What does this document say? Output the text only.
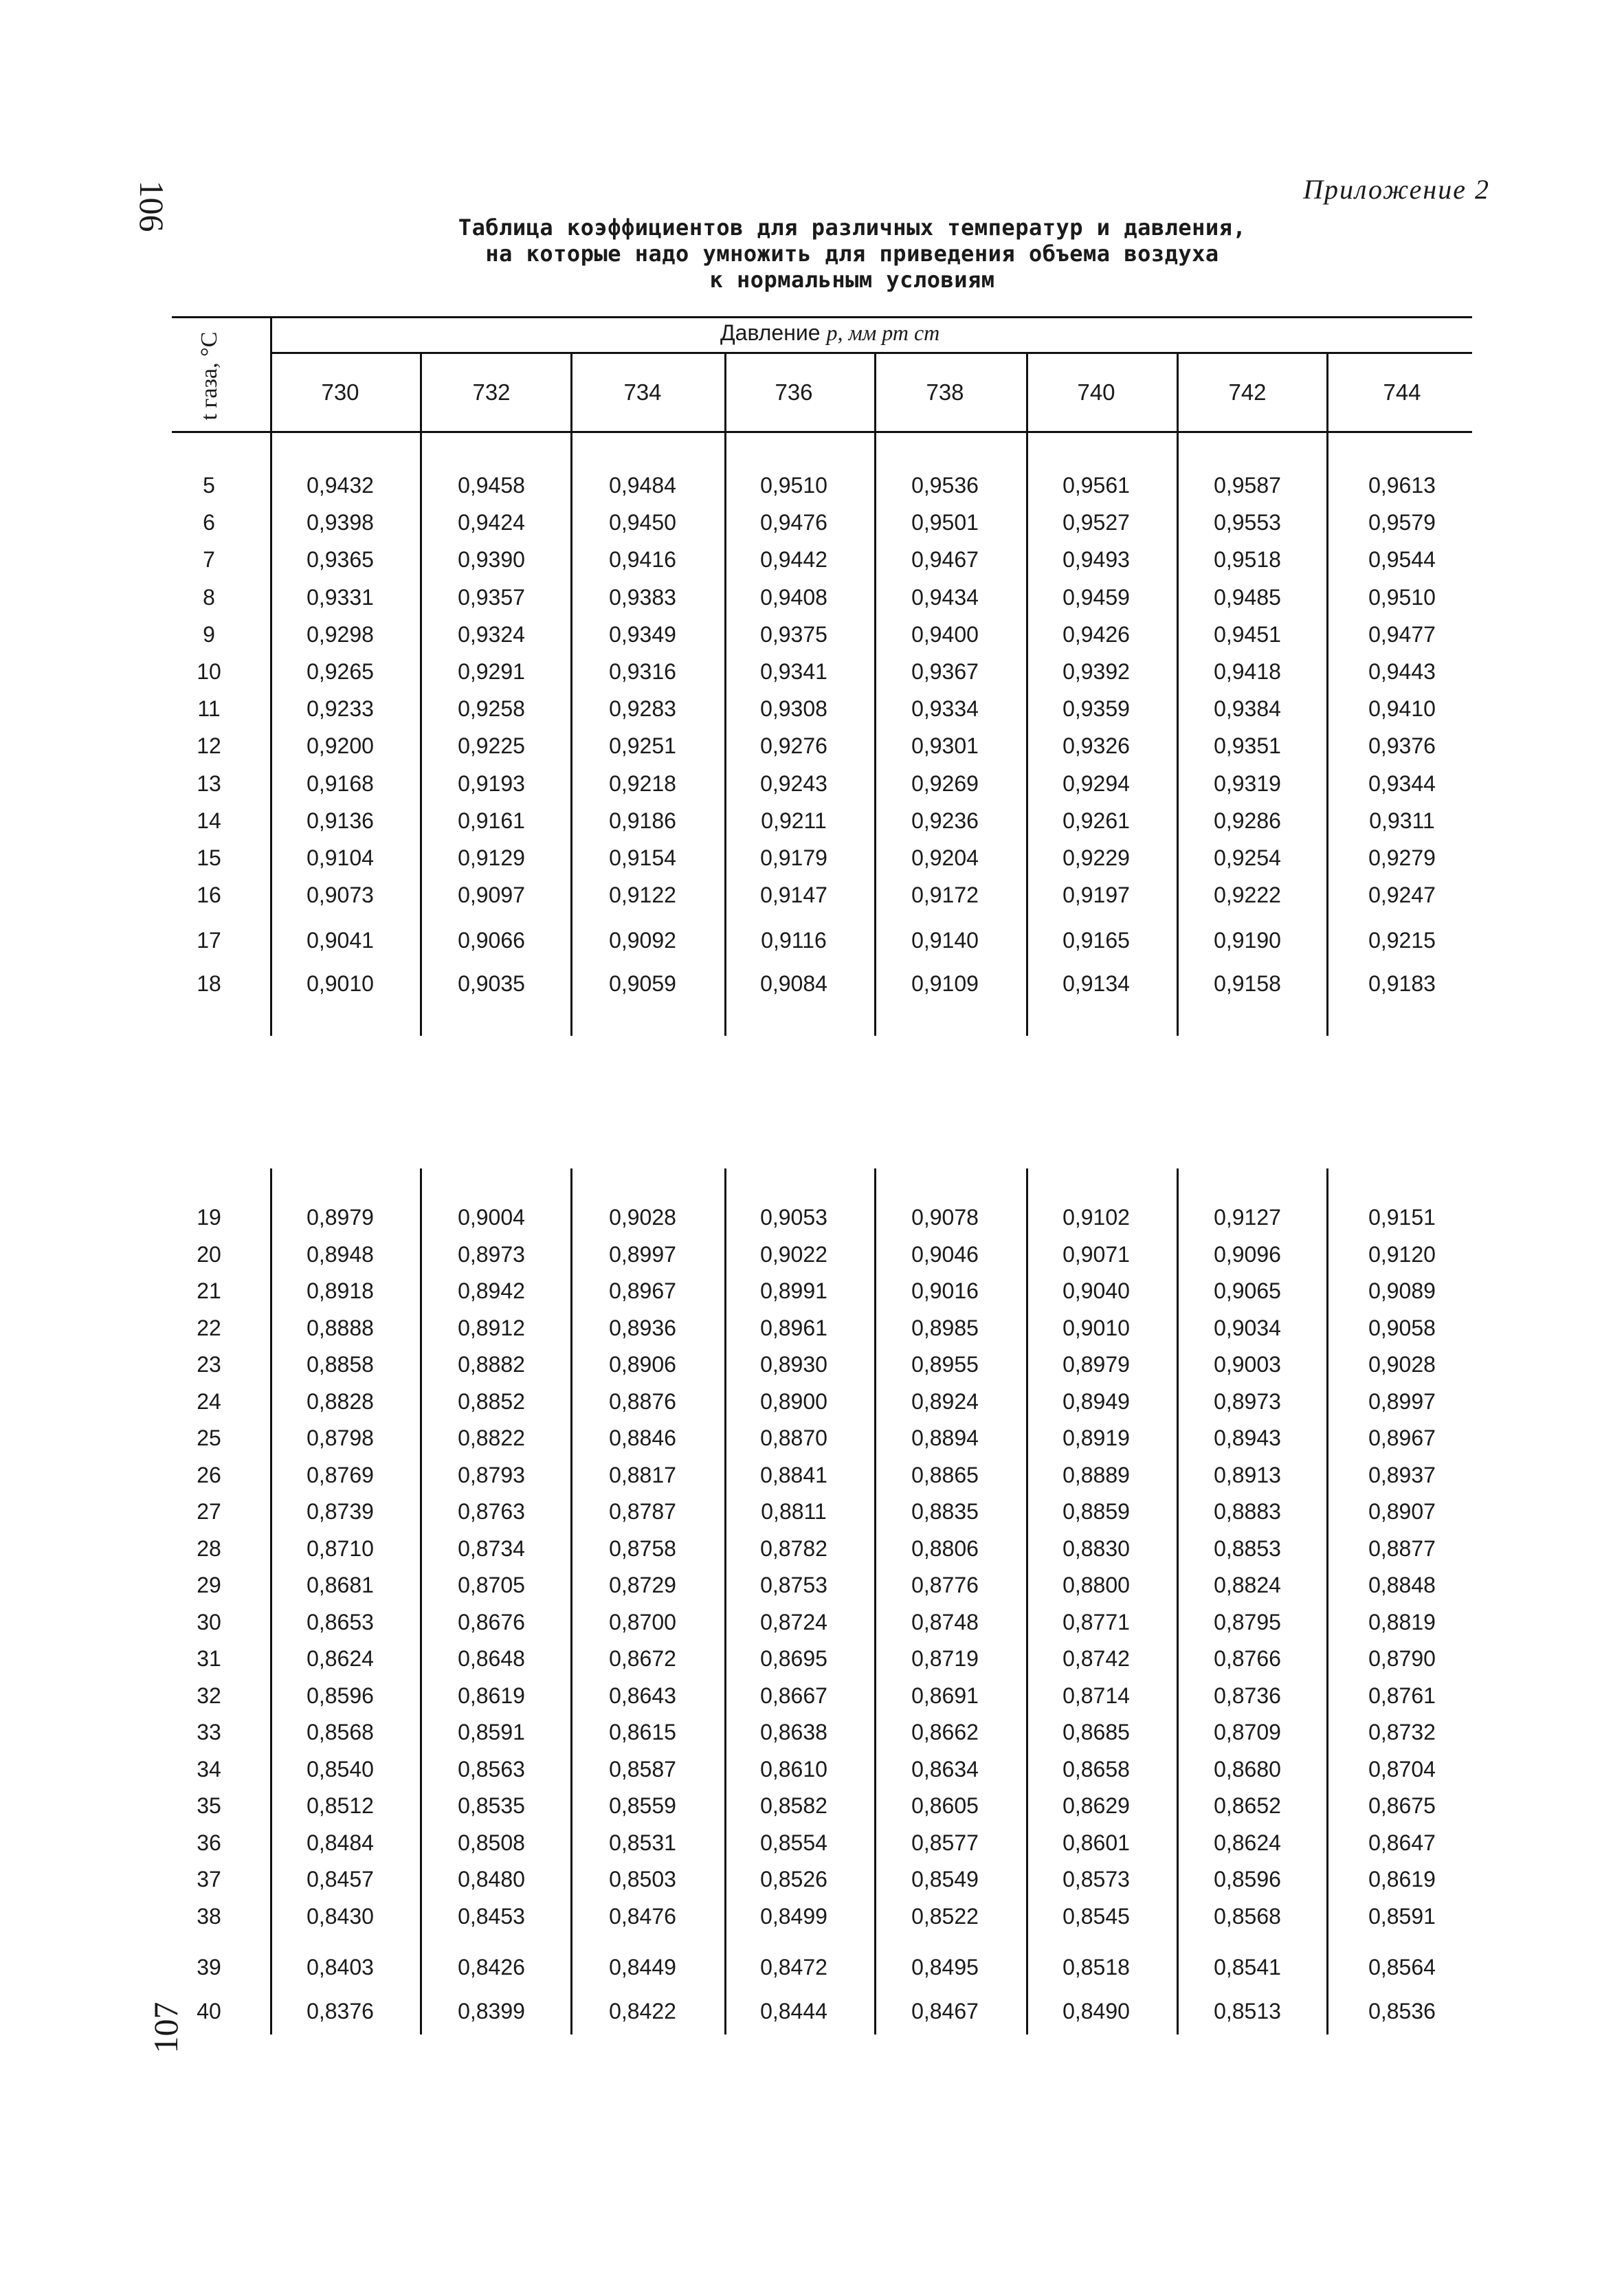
106
107
Приложение 2
Таблица коэффициентов для различных температур и давления,
на которые надо умножить для приведения объема воздуха
к нормальным условиям
t газа, °С	Давление p, мм рт ст
730	732	734	736	738	740	742	744
5	0,9432	0,9458	0,9484	0,9510	0,9536	0,9561	0,9587	0,9613
6	0,9398	0,9424	0,9450	0,9476	0,9501	0,9527	0,9553	0,9579
7	0,9365	0,9390	0,9416	0,9442	0,9467	0,9493	0,9518	0,9544
8	0,9331	0,9357	0,9383	0,9408	0,9434	0,9459	0,9485	0,9510
9	0,9298	0,9324	0,9349	0,9375	0,9400	0,9426	0,9451	0,9477
10	0,9265	0,9291	0,9316	0,9341	0,9367	0,9392	0,9418	0,9443
11	0,9233	0,9258	0,9283	0,9308	0,9334	0,9359	0,9384	0,9410
12	0,9200	0,9225	0,9251	0,9276	0,9301	0,9326	0,9351	0,9376
13	0,9168	0,9193	0,9218	0,9243	0,9269	0,9294	0,9319	0,9344
14	0,9136	0,9161	0,9186	0,9211	0,9236	0,9261	0,9286	0,9311
15	0,9104	0,9129	0,9154	0,9179	0,9204	0,9229	0,9254	0,9279
16	0,9073	0,9097	0,9122	0,9147	0,9172	0,9197	0,9222	0,9247
17	0,9041	0,9066	0,9092	0,9116	0,9140	0,9165	0,9190	0,9215
18	0,9010	0,9035	0,9059	0,9084	0,9109	0,9134	0,9158	0,9183
19	0,8979	0,9004	0,9028	0,9053	0,9078	0,9102	0,9127	0,9151
20	0,8948	0,8973	0,8997	0,9022	0,9046	0,9071	0,9096	0,9120
21	0,8918	0,8942	0,8967	0,8991	0,9016	0,9040	0,9065	0,9089
22	0,8888	0,8912	0,8936	0,8961	0,8985	0,9010	0,9034	0,9058
23	0,8858	0,8882	0,8906	0,8930	0,8955	0,8979	0,9003	0,9028
24	0,8828	0,8852	0,8876	0,8900	0,8924	0,8949	0,8973	0,8997
25	0,8798	0,8822	0,8846	0,8870	0,8894	0,8919	0,8943	0,8967
26	0,8769	0,8793	0,8817	0,8841	0,8865	0,8889	0,8913	0,8937
27	0,8739	0,8763	0,8787	0,8811	0,8835	0,8859	0,8883	0,8907
28	0,8710	0,8734	0,8758	0,8782	0,8806	0,8830	0,8853	0,8877
29	0,8681	0,8705	0,8729	0,8753	0,8776	0,8800	0,8824	0,8848
30	0,8653	0,8676	0,8700	0,8724	0,8748	0,8771	0,8795	0,8819
31	0,8624	0,8648	0,8672	0,8695	0,8719	0,8742	0,8766	0,8790
32	0,8596	0,8619	0,8643	0,8667	0,8691	0,8714	0,8736	0,8761
33	0,8568	0,8591	0,8615	0,8638	0,8662	0,8685	0,8709	0,8732
34	0,8540	0,8563	0,8587	0,8610	0,8634	0,8658	0,8680	0,8704
35	0,8512	0,8535	0,8559	0,8582	0,8605	0,8629	0,8652	0,8675
36	0,8484	0,8508	0,8531	0,8554	0,8577	0,8601	0,8624	0,8647
37	0,8457	0,8480	0,8503	0,8526	0,8549	0,8573	0,8596	0,8619
38	0,8430	0,8453	0,8476	0,8499	0,8522	0,8545	0,8568	0,8591
39	0,8403	0,8426	0,8449	0,8472	0,8495	0,8518	0,8541	0,8564
40	0,8376	0,8399	0,8422	0,8444	0,8467	0,8490	0,8513	0,8536
